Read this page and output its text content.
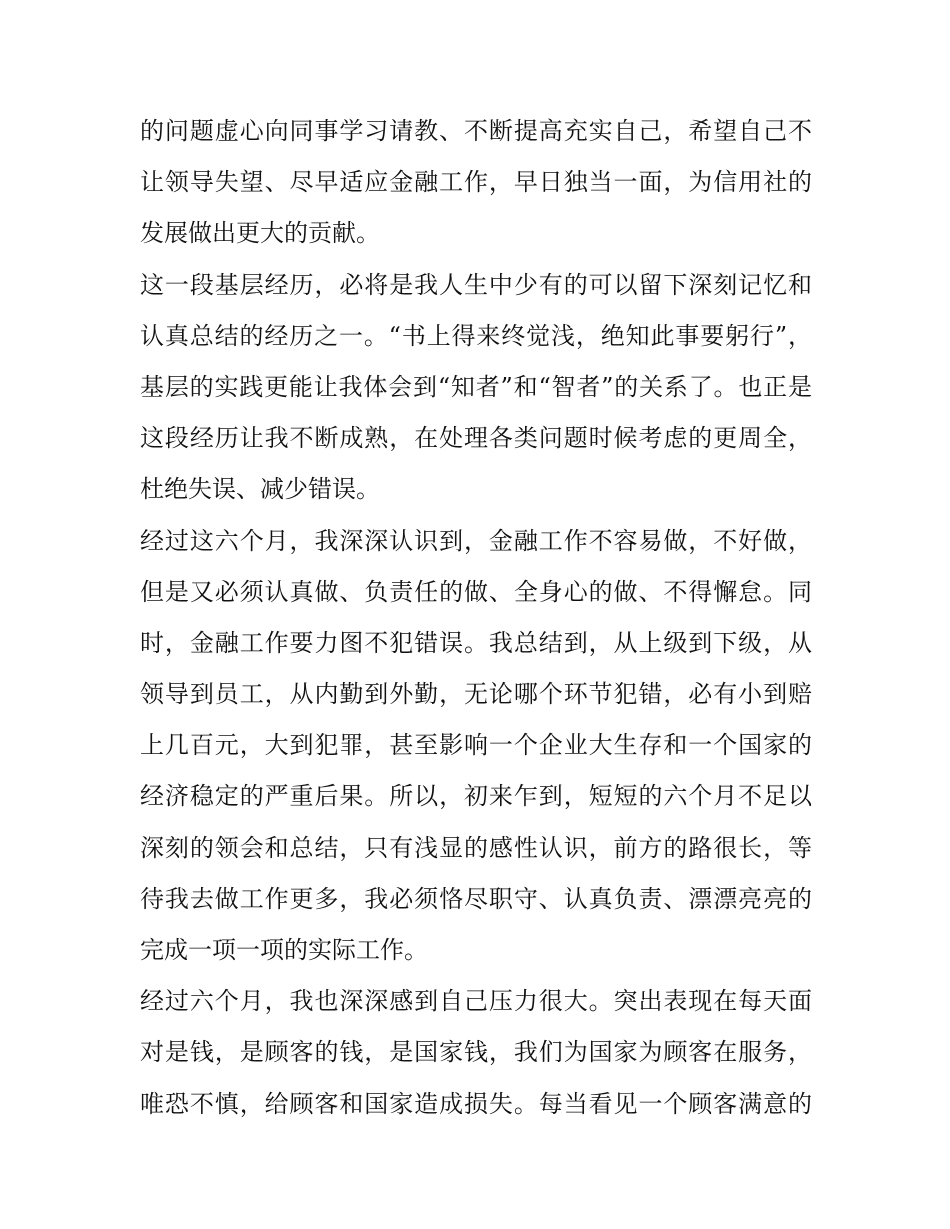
的问题虚心向同事学习请教、不断提高充实自己，希望自己不
让领导失望、尽早适应金融工作，早日独当一面，为信用社的
发展做出更大的贡献。
这一段基层经历，必将是我人生中少有的可以留下深刻记忆和
认真总结的经历之一。“书上得来终觉浅，绝知此事要躬行”，
基层的实践更能让我体会到“知者”和“智者”的关系了。也正是
这段经历让我不断成熟，在处理各类问题时候考虑的更周全，
杜绝失误、减少错误。
经过这六个月，我深深认识到，金融工作不容易做，不好做，
但是又必须认真做、负责任的做、全身心的做、不得懈怠。同
时，金融工作要力图不犯错误。我总结到，从上级到下级，从
领导到员工，从内勤到外勤，无论哪个环节犯错，必有小到赔
上几百元，大到犯罪，甚至影响一个企业大生存和一个国家的
经济稳定的严重后果。所以，初来乍到，短短的六个月不足以
深刻的领会和总结，只有浅显的感性认识，前方的路很长，等
待我去做工作更多，我必须恪尽职守、认真负责、漂漂亮亮的
完成一项一项的实际工作。
经过六个月，我也深深感到自己压力很大。突出表现在每天面
对是钱，是顾客的钱，是国家钱，我们为国家为顾客在服务，
唯恐不慎，给顾客和国家造成损失。每当看见一个顾客满意的
